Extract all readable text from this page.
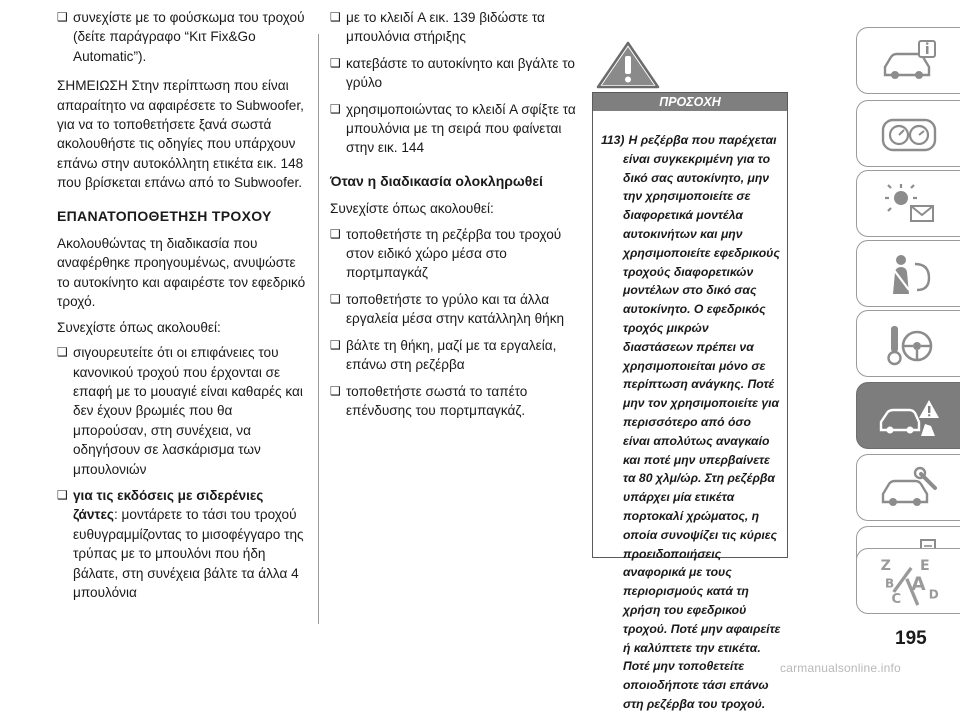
❑ συνεχίστε με το φούσκωμα του τροχού (δείτε παράγραφο “Κιτ Fix&Go Automatic”).
ΣΗΜΕΙΩΣΗ Στην περίπτωση που είναι απαραίτητο να αφαιρέσετε το Subwoofer, για να το τοποθετήσετε ξανά σωστά ακολουθήστε τις οδηγίες που υπάρχουν επάνω στην αυτοκόλλητη ετικέτα εικ. 148 που βρίσκεται επάνω από το Subwoofer.
ΕΠΑΝΑΤΟΠΟΘΕΤΗΣΗ ΤΡΟΧΟΥ
Ακολουθώντας τη διαδικασία που αναφέρθηκε προηγουμένως, ανυψώστε το αυτοκίνητο και αφαιρέστε τον εφεδρικό τροχό.
Συνεχίστε όπως ακολουθεί:
❑ σιγουρευτείτε ότι οι επιφάνειες του κανονικού τροχού που έρχονται σε επαφή με το μουαγιέ είναι καθαρές και δεν έχουν βρωμιές που θα μπορούσαν, στη συνέχεια, να οδηγήσουν σε λασκάρισμα των μπουλονιών
❑ για τις εκδόσεις με σιδερένιες ζάντες: μοντάρετε το τάσι του τροχού ευθυγραμμίζοντας το μισοφέγγαρο της τρύπας με το μπουλόνι που ήδη βάλατε, στη συνέχεια βάλτε τα άλλα 4 μπουλόνια
❑ με το κλειδί A εικ. 139 βιδώστε τα μπουλόνια στήριξης
❑ κατεβάστε το αυτοκίνητο και βγάλτε το γρύλο
❑ χρησιμοποιώντας το κλειδί A σφίξτε τα μπουλόνια με τη σειρά που φαίνεται στην εικ. 144
Όταν η διαδικασία ολοκληρωθεί
Συνεχίστε όπως ακολουθεί:
❑ τοποθετήστε τη ρεζέρβα του τροχού στον ειδικό χώρο μέσα στο πορτμπαγκάζ
❑ τοποθετήστε το γρύλο και τα άλλα εργαλεία μέσα στην κατάλληλη θήκη
❑ βάλτε τη θήκη, μαζί με τα εργαλεία, επάνω στη ρεζέρβα
❑ τοποθετήστε σωστά το ταπέτο επένδυσης του πορτμπαγκάζ.
ΠΡΟΣΟΧΗ
113) Η ρεζέρβα που παρέχεται είναι συγκεκριμένη για το δικό σας αυτοκίνητο, μην την χρησιμοποιείτε σε διαφορετικά μοντέλα αυτοκινήτων και μην χρησιμοποιείτε εφεδρικούς τροχούς διαφορετικών μοντέλων στο δικό σας αυτοκίνητο. Ο εφεδρικός τροχός μικρών διαστάσεων πρέπει να χρησιμοποιείται μόνο σε περίπτωση ανάγκης. Ποτέ μην τον χρησιμοποιείτε για περισσότερο από όσο είναι απολύτως αναγκαίο και ποτέ μην υπερβαίνετε τα 80 χλμ/ώρ. Στη ρεζέρβα υπάρχει μία ετικέτα πορτοκαλί χρώματος, η οποία συνοψίζει τις κύριες προειδοποιήσεις αναφορικά με τους περιορισμούς κατά τη χρήση του εφεδρικού τροχού. Ποτέ μην αφαιρείτε ή καλύπτετε την ετικέτα. Ποτέ μην τοποθετείτε οποιοδήποτε τάσι επάνω στη ρεζέρβα του τροχού.
Z E
B A
C	D
195
carmanualsonline.info
